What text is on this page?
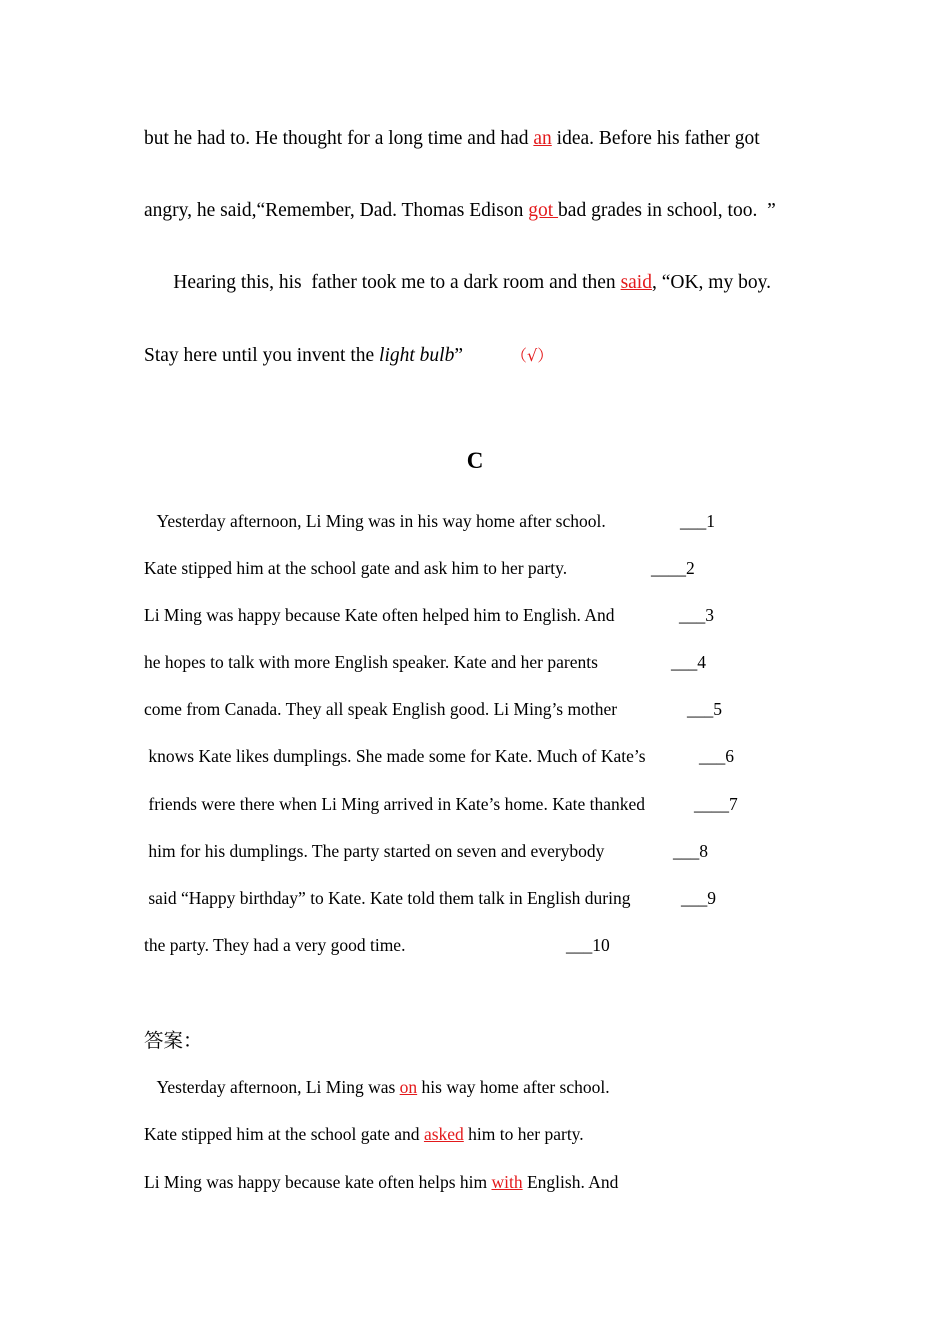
but he had to. He thought for a long time and had an idea. Before his father got

angry, he said,“Remember, Dad. Thomas Edison got bad grades in school, too.  ”

Hearing this, his  father took me to a dark room and then said, “OK, my boy.

Stay here until you invent the light bulb”	（√）

C

Yesterday afternoon, Li Ming was in his way home after school.	___1

Kate stipped him at the school gate and ask him to her party.	____2

Li Ming was happy because Kate often helped him to English. And	___3

he hopes to talk with more English speaker. Kate and her parents	___4

come from Canada. They all speak English good. Li Ming’s mother	___5

knows Kate likes dumplings. She made some for Kate. Much of Kate’s	___6

friends were there when Li Ming arrived in Kate’s home. Kate thanked	____7

him for his dumplings. The party started on seven and everybody	___8

said “Happy birthday” to Kate. Kate told them talk in English during	___9

the party. They had a very good time.	___10

答案：

Yesterday afternoon, Li Ming was on his way home after school.

Kate stipped him at the school gate and asked him to her party.

Li Ming was happy because kate often helps him with English. And
